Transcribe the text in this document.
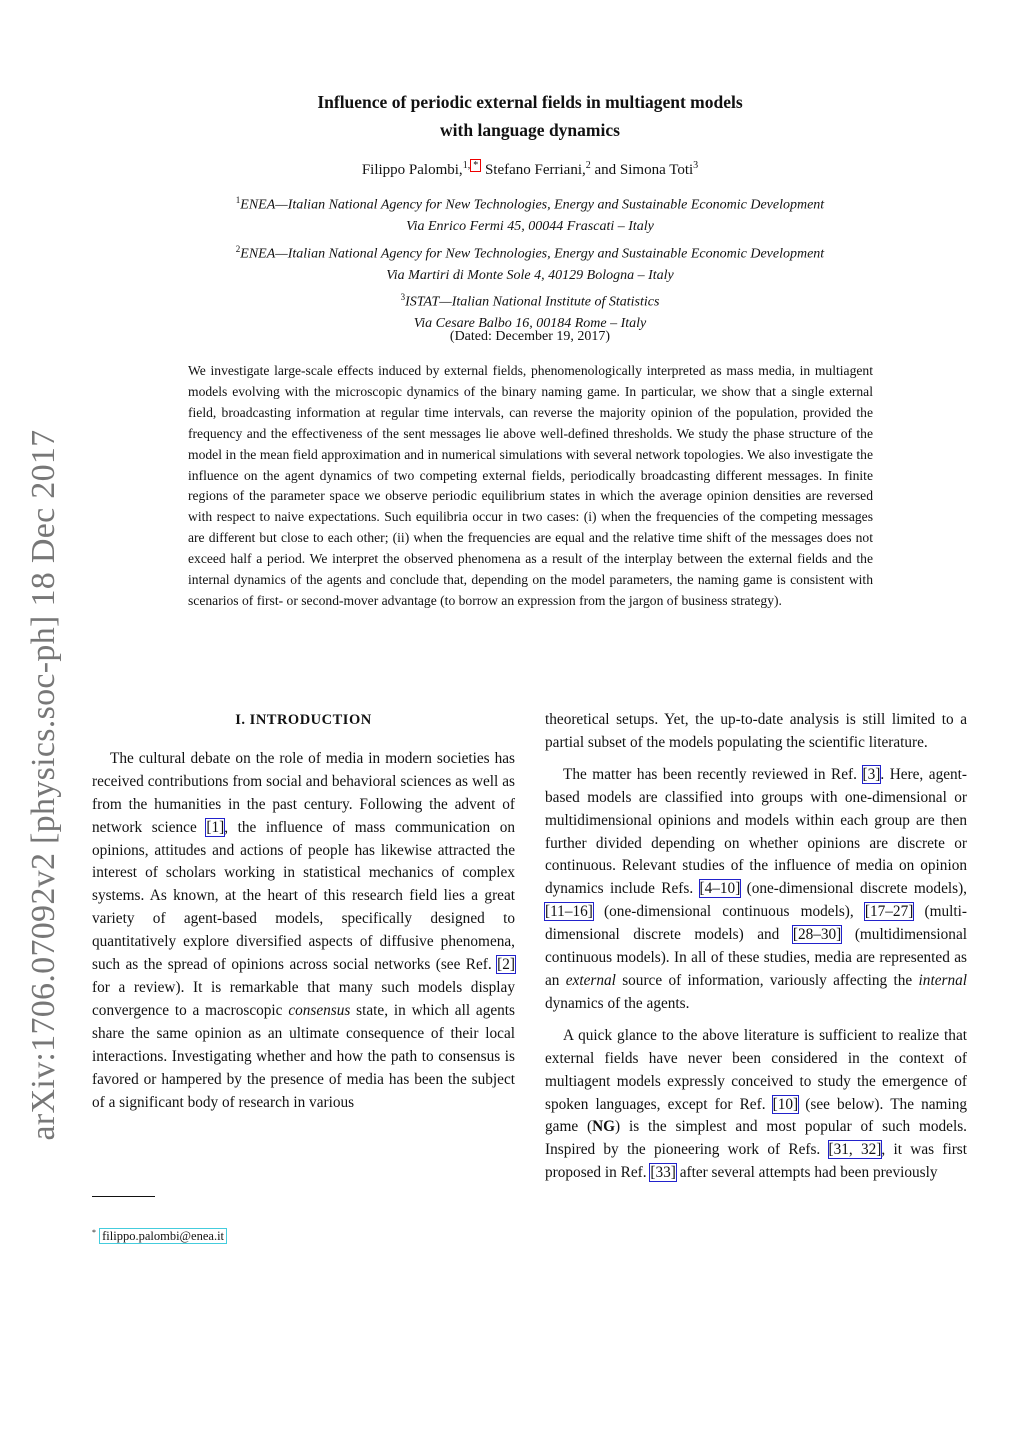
arXiv:1706.07092v2 [physics.soc-ph] 18 Dec 2017
Influence of periodic external fields in multiagent models
with language dynamics
Filippo Palombi,$^{1,}$ * Stefano Ferriani,$^2$ and Simona Toti$^3$
$^1$ENEA—Italian National Agency for New Technologies, Energy and Sustainable Economic Development
Via Enrico Fermi 45, 00044 Frascati – Italy
$^2$ENEA—Italian National Agency for New Technologies, Energy and Sustainable Economic Development
Via Martiri di Monte Sole 4, 40129 Bologna – Italy
$^3$ISTAT—Italian National Institute of Statistics
Via Cesare Balbo 16, 00184 Rome – Italy
(Dated: December 19, 2017)
We investigate large-scale effects induced by external fields, phenomenologically interpreted as mass media, in multiagent models evolving with the microscopic dynamics of the binary naming game. In particular, we show that a single external field, broadcasting information at regular time intervals, can reverse the majority opinion of the population, provided the frequency and the effectiveness of the sent messages lie above well-defined thresholds. We study the phase structure of the model in the mean field approximation and in numerical simulations with several network topologies. We also investigate the influence on the agent dynamics of two competing external fields, periodically broadcasting different messages. In finite regions of the parameter space we observe periodic equilibrium states in which the average opinion densities are reversed with respect to naive expectations. Such equilibria occur in two cases: (i) when the frequencies of the competing messages are different but close to each other; (ii) when the frequencies are equal and the relative time shift of the messages does not exceed half a period. We interpret the observed phenomena as a result of the interplay between the external fields and the internal dynamics of the agents and conclude that, depending on the model parameters, the naming game is consistent with scenarios of first- or second-mover advantage (to borrow an expression from the jargon of business strategy).
I. INTRODUCTION

The cultural debate on the role of media in modern societies has received contributions from social and behavioral sciences as well as from the humanities in the past century. Following the advent of network science [1], the influence of mass communication on opinions, attitudes and actions of people has likewise attracted the interest of scholars working in statistical mechanics of complex systems. As known, at the heart of this research field lies a great variety of agent-based models, specifically designed to quantitatively explore diversified aspects of diffusive phenomena, such as the spread of opinions across social networks (see Ref. [2] for a review). It is remarkable that many such models display convergence to a macroscopic consensus state, in which all agents share the same opinion as an ultimate consequence of their local interactions. Investigating whether and how the path to consensus is favored or hampered by the presence of media has been the subject of a significant body of research in various

theoretical setups. Yet, the up-to-date analysis is still limited to a partial subset of the models populating the scientific literature.

The matter has been recently reviewed in Ref. [3]. Here, agent-based models are classified into groups with one-dimensional or multidimensional opinions and models within each group are then further divided depending on whether opinions are discrete or continuous. Relevant studies of the influence of media on opinion dynamics include Refs. [4–10] (one-dimensional discrete models), [11–16] (one-dimensional continuous models), [17–27] (multi-dimensional discrete models) and [28–30] (multidimensional continuous models). In all of these studies, media are represented as an external source of information, variously affecting the internal dynamics of the agents.

A quick glance to the above literature is sufficient to realize that external fields have never been considered in the context of multiagent models expressly conceived to study the emergence of spoken languages, except for Ref. [10] (see below). The naming game (NG) is the simplest and most popular of such models. Inspired by the pioneering work of Refs. [31, 32], it was first proposed in Ref. [33] after several attempts had been previously

* filippo.palombi@enea.it
